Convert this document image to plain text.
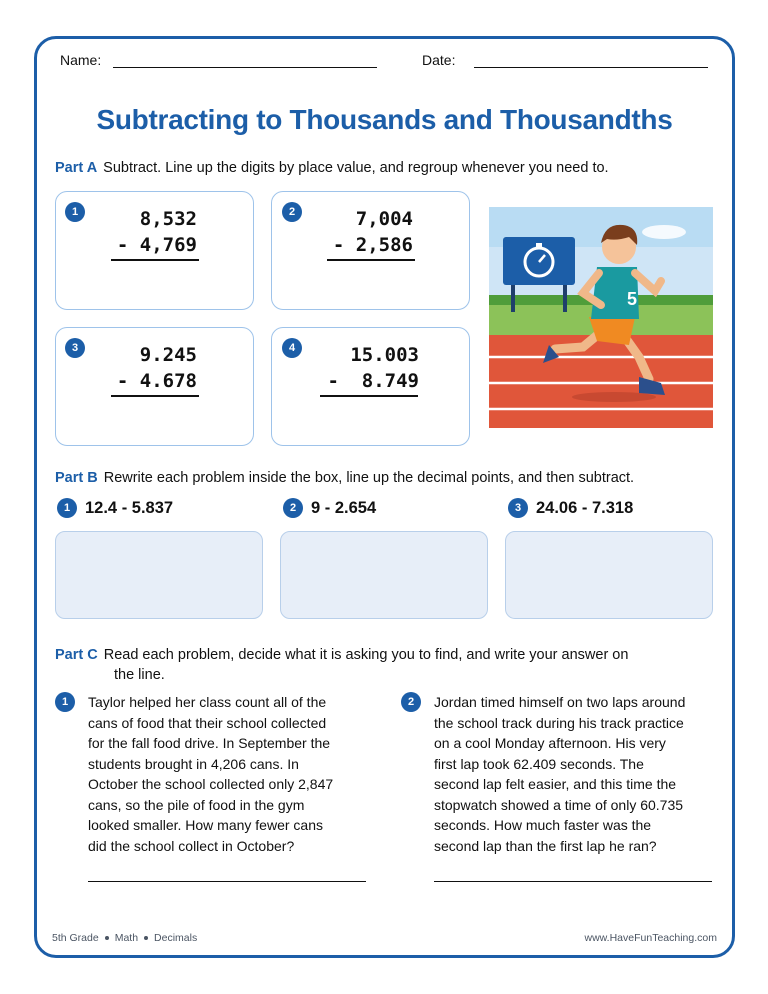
Name:	Date:
Subtracting to Thousands and Thousandths
Part A Subtract. Line up the digits by place value, and regroup whenever you need to.
1	8,532
- 4,769
2	7,004
- 2,586
3	9.245
- 4.678
4	15.003
-  8.749
5
Part B Rewrite each problem inside the box, line up the decimal points, and then subtract.
1 12.4 - 5.837	2 9 - 2.654	3 24.06 - 7.318
Part C Read each problem, decide what it is asking you to find, and write your answer on
the line.
1	Taylor helped her class count all of the
cans of food that their school collected
for the fall food drive. In September the
students brought in 4,206 cans. In
October the school collected only 2,847
cans, so the pile of food in the gym
looked smaller. How many fewer cans
did the school collect in October?
2	Jordan timed himself on two laps around
the school track during his track practice
on a cool Monday afternoon. His very
first lap took 62.409 seconds. The
second lap felt easier, and this time the
stopwatch showed a time of only 60.735
seconds. How much faster was the
second lap than the first lap he ran?
5th Grade Math Decimals	www.HaveFunTeaching.com
